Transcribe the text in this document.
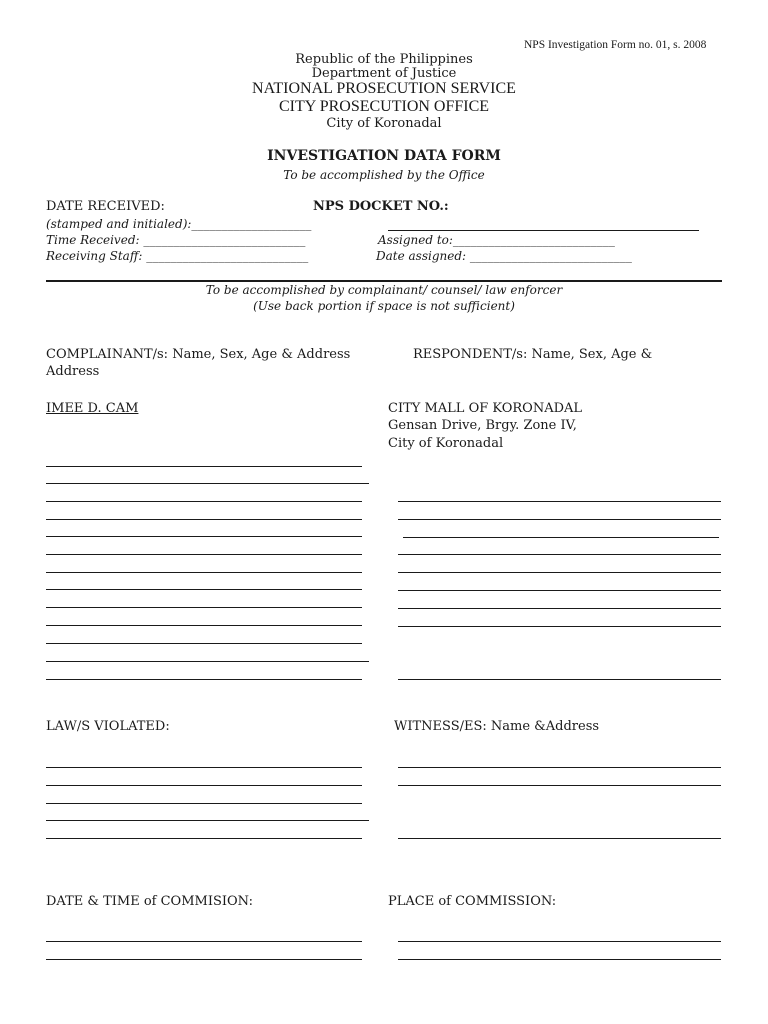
NPS Investigation Form no. 01, s. 2008
Republic of the Philippines
Department of Justice
NATIONAL PROSECUTION SERVICE
CITY PROSECUTION OFFICE
City of Koronadal
INVESTIGATION DATA FORM
To be accomplished by the Office
DATE RECEIVED:	NPS DOCKET NO.:
(stamped and initialed):____________________
Time Received: ___________________________	Assigned to:___________________________
Receiving Staff: ___________________________	Date assigned: ___________________________
To be accomplished by complainant/ counsel/ law enforcer
(Use back portion if space is not sufficient)
COMPLAINANT/s: Name, Sex, Age & Address	RESPONDENT/s: Name, Sex, Age &
Address
IMEE D. CAM	CITY MALL OF KORONADAL
Gensan Drive, Brgy. Zone IV,
City of Koronadal
LAW/S VIOLATED:	WITNESS/ES: Name &Address
DATE & TIME of COMMISION:	PLACE of COMMISSION:
